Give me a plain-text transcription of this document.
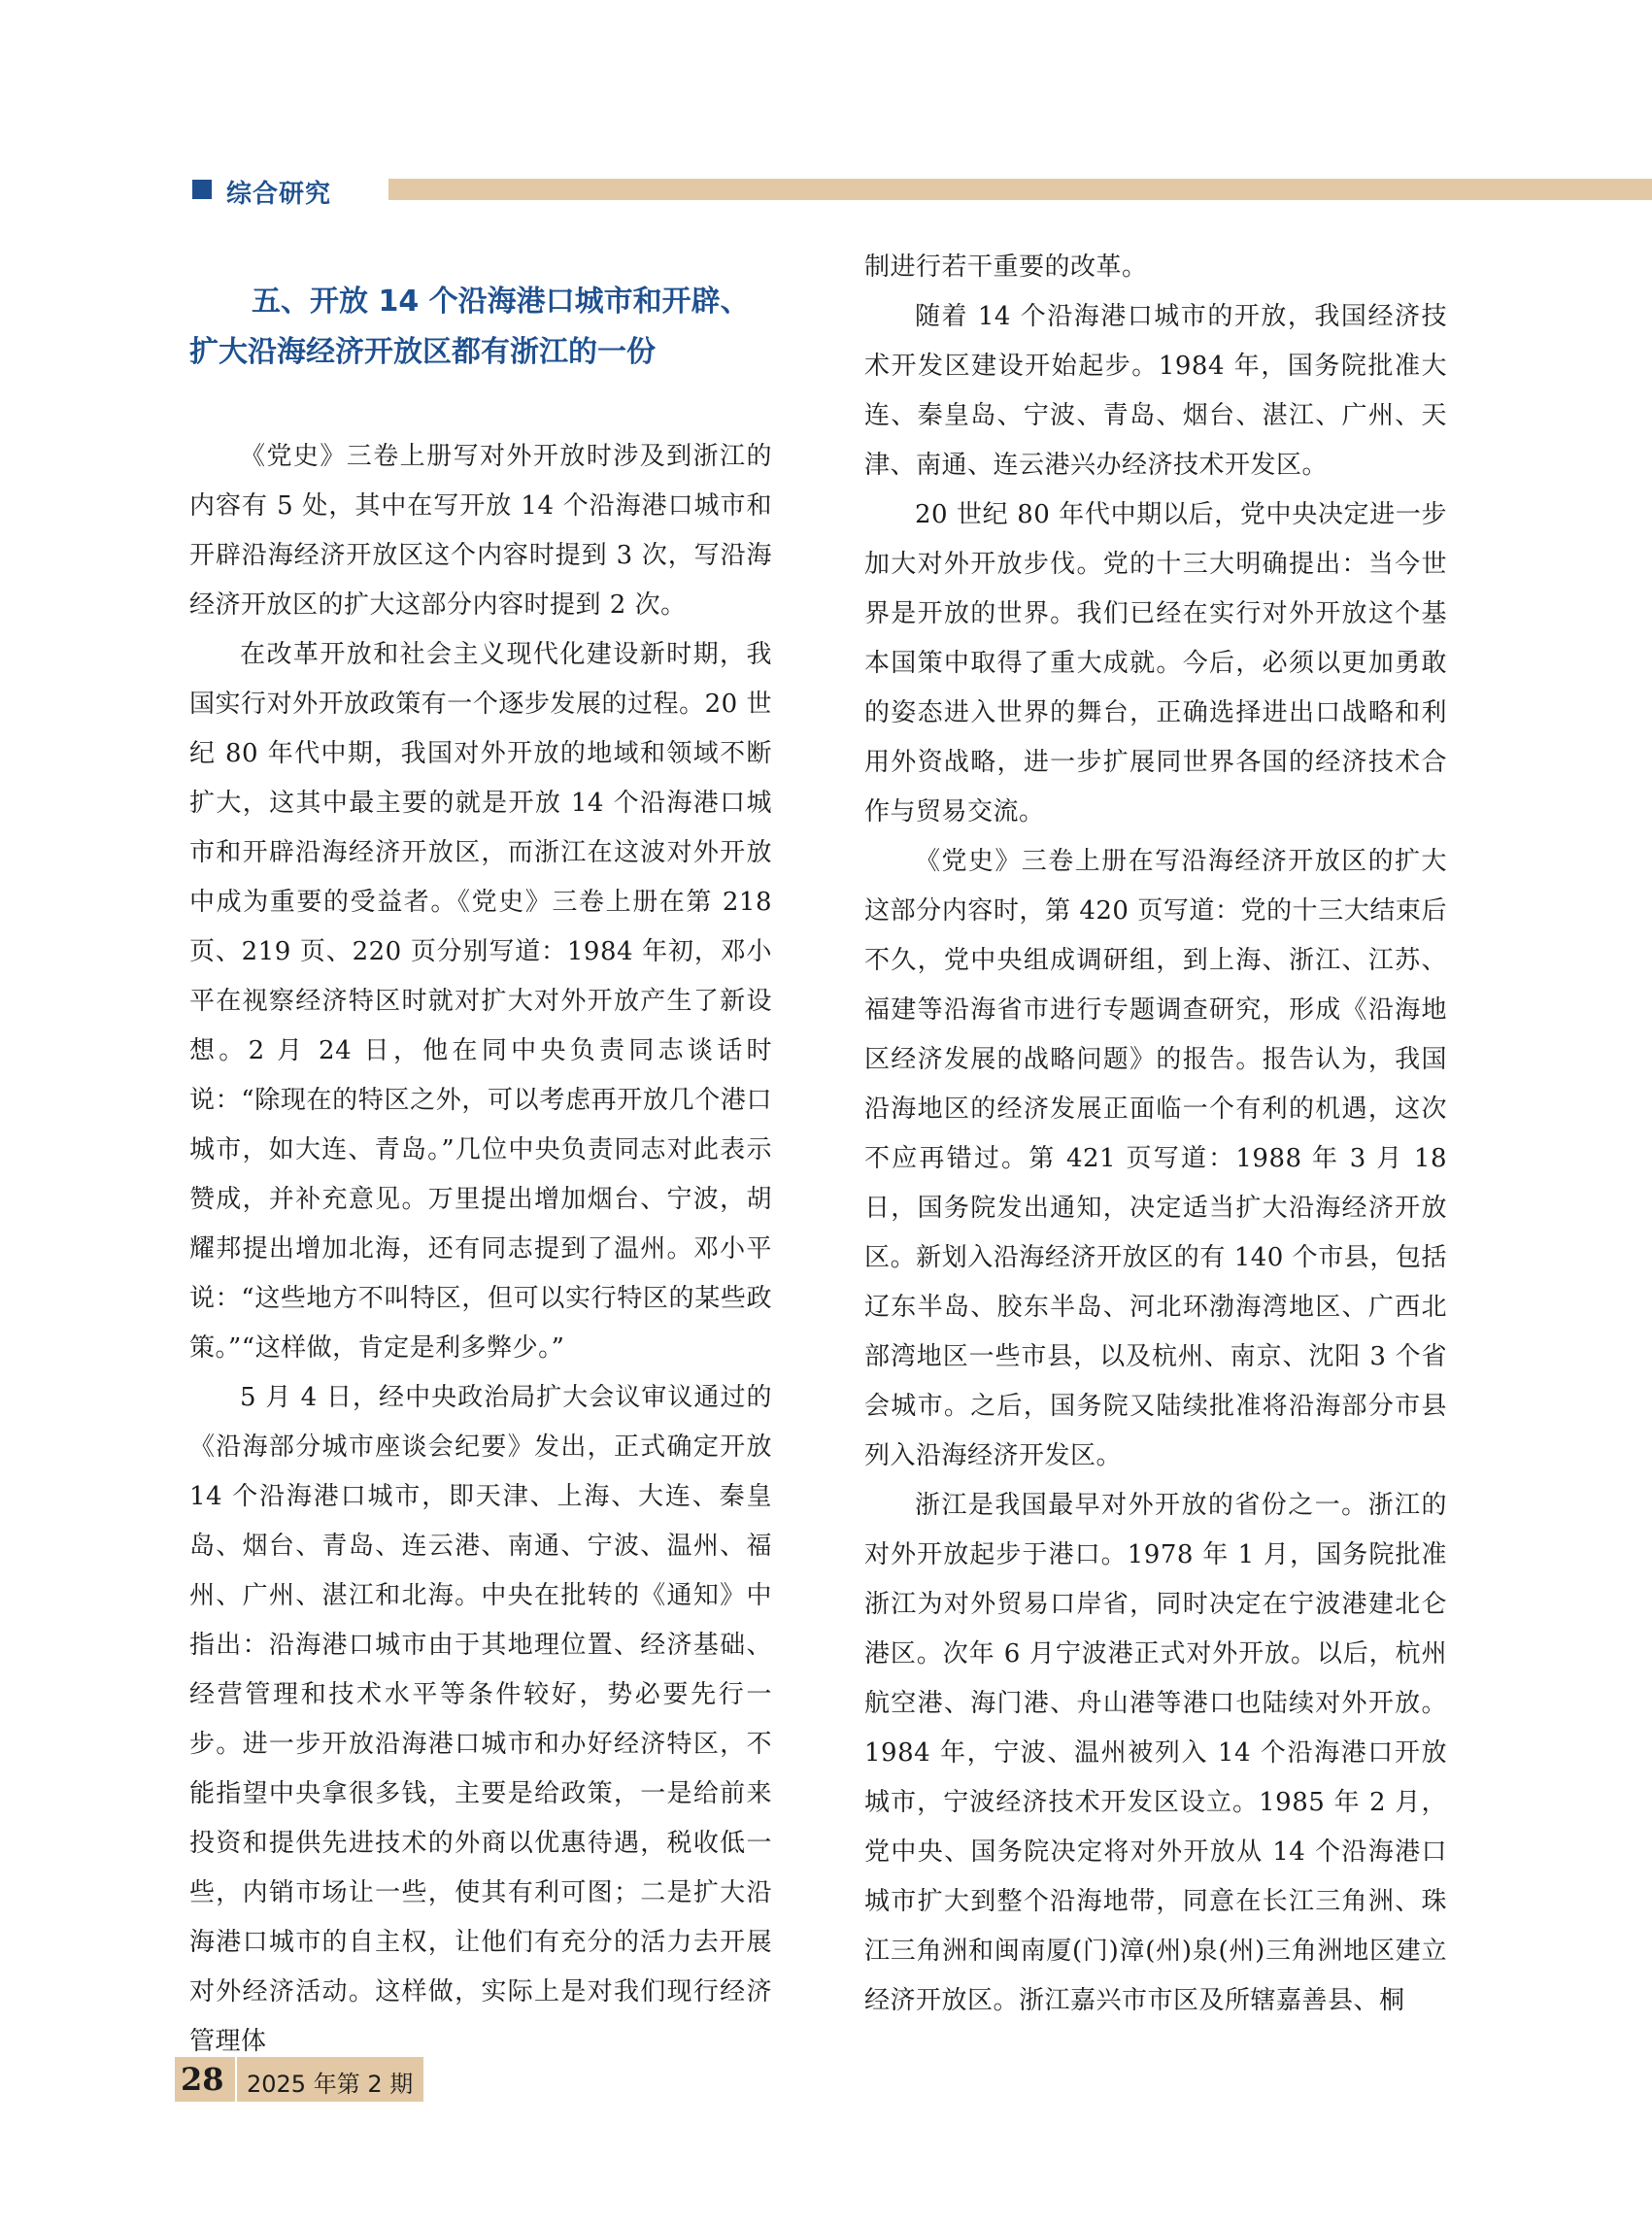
综合研究
五、开放 14 个沿海港口城市和开辟、
扩大沿海经济开放区都有浙江的一份

《党史》三卷上册写对外开放时涉及到浙江的内容有 5 处，其中在写开放 14 个沿海港口城市和开辟沿海经济开放区这个内容时提到 3 次，写沿海经济开放区的扩大这部分内容时提到 2 次。

在改革开放和社会主义现代化建设新时期，我国实行对外开放政策有一个逐步发展的过程。20 世纪 80 年代中期，我国对外开放的地域和领域不断扩大，这其中最主要的就是开放 14 个沿海港口城市和开辟沿海经济开放区，而浙江在这波对外开放中成为重要的受益者。《党史》三卷上册在第 218 页、219 页、220 页分别写道：1984 年初，邓小平在视察经济特区时就对扩大对外开放产生了新设想。2 月 24 日，他在同中央负责同志谈话时说：“除现在的特区之外，可以考虑再开放几个港口城市，如大连、青岛。”几位中央负责同志对此表示赞成，并补充意见。万里提出增加烟台、宁波，胡耀邦提出增加北海，还有同志提到了温州。邓小平说：“这些地方不叫特区，但可以实行特区的某些政策。”“这样做，肯定是利多弊少。”

5 月 4 日，经中央政治局扩大会议审议通过的《沿海部分城市座谈会纪要》发出，正式确定开放 14 个沿海港口城市，即天津、上海、大连、秦皇岛、烟台、青岛、连云港、南通、宁波、温州、福州、广州、湛江和北海。中央在批转的《通知》中指出：沿海港口城市由于其地理位置、经济基础、经营管理和技术水平等条件较好，势必要先行一步。进一步开放沿海港口城市和办好经济特区，不能指望中央拿很多钱，主要是给政策，一是给前来投资和提供先进技术的外商以优惠待遇，税收低一些，内销市场让一些，使其有利可图；二是扩大沿海港口城市的自主权，让他们有充分的活力去开展对外经济活动。这样做，实际上是对我们现行经济管理体

制进行若干重要的改革。

随着 14 个沿海港口城市的开放，我国经济技术开发区建设开始起步。1984 年，国务院批准大连、秦皇岛、宁波、青岛、烟台、湛江、广州、天津、南通、连云港兴办经济技术开发区。

20 世纪 80 年代中期以后，党中央决定进一步加大对外开放步伐。党的十三大明确提出：当今世界是开放的世界。我们已经在实行对外开放这个基本国策中取得了重大成就。今后，必须以更加勇敢的姿态进入世界的舞台，正确选择进出口战略和利用外资战略，进一步扩展同世界各国的经济技术合作与贸易交流。

《党史》三卷上册在写沿海经济开放区的扩大这部分内容时，第 420 页写道：党的十三大结束后不久，党中央组成调研组，到上海、浙江、江苏、福建等沿海省市进行专题调查研究，形成《沿海地区经济发展的战略问题》的报告。报告认为，我国沿海地区的经济发展正面临一个有利的机遇，这次不应再错过。第 421 页写道：1988 年 3 月 18 日，国务院发出通知，决定适当扩大沿海经济开放区。新划入沿海经济开放区的有 140 个市县，包括辽东半岛、胶东半岛、河北环渤海湾地区、广西北部湾地区一些市县，以及杭州、南京、沈阳 3 个省会城市。之后，国务院又陆续批准将沿海部分市县列入沿海经济开发区。

浙江是我国最早对外开放的省份之一。浙江的对外开放起步于港口。1978 年 1 月，国务院批准浙江为对外贸易口岸省，同时决定在宁波港建北仑港区。次年 6 月宁波港正式对外开放。以后，杭州航空港、海门港、舟山港等港口也陆续对外开放。1984 年，宁波、温州被列入 14 个沿海港口开放城市，宁波经济技术开发区设立。1985 年 2 月，党中央、国务院决定将对外开放从 14 个沿海港口城市扩大到整个沿海地带，同意在长江三角洲、珠江三角洲和闽南厦(门)漳(州)泉(州)三角洲地区建立经济开放区。浙江嘉兴市市区及所辖嘉善县、桐

28 2025 年第 2 期
